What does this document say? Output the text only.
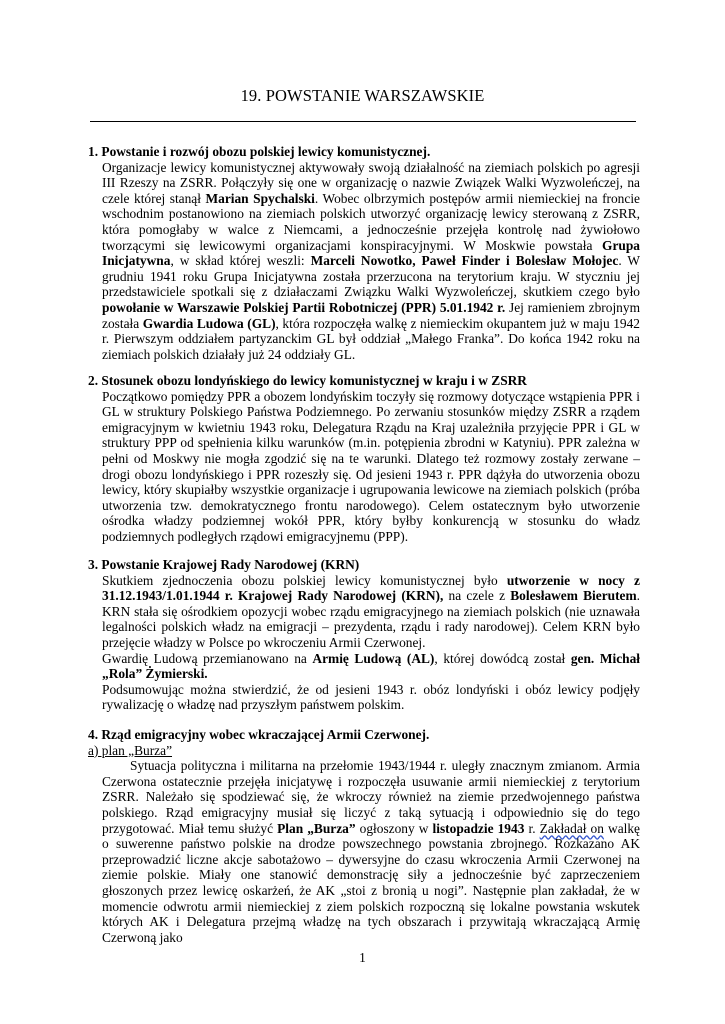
19. POWSTANIE WARSZAWSKIE
1. Powstanie i rozwój obozu polskiej lewicy komunistycznej.

Organizacje lewicy komunistycznej aktywowały swoją działalność na ziemiach polskich po agresji III Rzeszy na ZSRR. Połączyły się one w organizację o nazwie Związek Walki Wyzwoleńczej, na czele której stanął Marian Spychalski. Wobec olbrzymich postępów armii niemieckiej na froncie wschodnim postanowiono na ziemiach polskich utworzyć organizację lewicy sterowaną z ZSRR, która pomogłaby w walce z Niemcami, a jednocześnie przejęła kontrolę nad żywiołowo tworzącymi się lewicowymi organizacjami konspiracyjnymi. W Moskwie powstała Grupa Inicjatywna, w skład której weszli: Marceli Nowotko, Paweł Finder i Bolesław Mołojec. W grudniu 1941 roku Grupa Inicjatywna została przerzucona na terytorium kraju. W styczniu jej przedstawiciele spotkali się z działaczami Związku Walki Wyzwoleńczej, skutkiem czego było powołanie w Warszawie Polskiej Partii Robotniczej (PPR) 5.01.1942 r. Jej ramieniem zbrojnym została Gwardia Ludowa (GL), która rozpoczęła walkę z niemieckim okupantem już w maju 1942 r. Pierwszym oddziałem partyzanckim GL był oddział „Małego Franka”. Do końca 1942 roku na ziemiach polskich działały już 24 oddziały GL.

2. Stosunek obozu londyńskiego do lewicy komunistycznej w kraju i w ZSRR

Początkowo pomiędzy PPR a obozem londyńskim toczyły się rozmowy dotyczące wstąpienia PPR i GL w struktury Polskiego Państwa Podziemnego. Po zerwaniu stosunków między ZSRR a rządem emigracyjnym w kwietniu 1943 roku, Delegatura Rządu na Kraj uzależniła przyjęcie PPR i GL w struktury PPP od spełnienia kilku warunków (m.in. potępienia zbrodni w Katyniu). PPR zależna w pełni od Moskwy nie mogła zgodzić się na te warunki. Dlatego też rozmowy zostały zerwane – drogi obozu londyńskiego i PPR rozeszły się. Od jesieni 1943 r. PPR dążyła do utworzenia obozu lewicy, który skupiałby wszystkie organizacje i ugrupowania lewicowe na ziemiach polskich (próba utworzenia tzw. demokratycznego frontu narodowego). Celem ostatecznym było utworzenie ośrodka władzy podziemnej wokół PPR, który byłby konkurencją w stosunku do władz podziemnych podległych rządowi emigracyjnemu (PPP).

3. Powstanie Krajowej Rady Narodowej (KRN)

Skutkiem zjednoczenia obozu polskiej lewicy komunistycznej było utworzenie w nocy z 31.12.1943/1.01.1944 r. Krajowej Rady Narodowej (KRN), na czele z Bolesławem Bierutem. KRN stała się ośrodkiem opozycji wobec rządu emigracyjnego na ziemiach polskich (nie uznawała legalności polskich władz na emigracji – prezydenta, rządu i rady narodowej). Celem KRN było przejęcie władzy w Polsce po wkroczeniu Armii Czerwonej.

Gwardię Ludową przemianowano na Armię Ludową (AL), której dowódcą został gen. Michał „Rola” Żymierski.

Podsumowując można stwierdzić, że od jesieni 1943 r. obóz londyński i obóz lewicy podjęły rywalizację o władzę nad przyszłym państwem polskim.

4. Rząd emigracyjny wobec wkraczającej Armii Czerwonej.

a) plan „Burza”

Sytuacja polityczna i militarna na przełomie 1943/1944 r. uległy znacznym zmianom. Armia Czerwona ostatecznie przejęła inicjatywę i rozpoczęła usuwanie armii niemieckiej z terytorium ZSRR. Należało się spodziewać się, że wkroczy również na ziemie przedwojennego państwa polskiego. Rząd emigracyjny musiał się liczyć z taką sytuacją i odpowiednio się do tego przygotować. Miał temu służyć Plan „Burza” ogłoszony w listopadzie 1943 r. Zakładał on walkę o suwerenne państwo polskie na drodze powszechnego powstania zbrojnego. Rozkazano AK przeprowadzić liczne akcje sabotażowo – dywersyjne do czasu wkroczenia Armii Czerwonej na ziemie polskie. Miały one stanowić demonstrację siły a jednocześnie być zaprzeczeniem głoszonych przez lewicę oskarżeń, że AK „stoi z bronią u nogi”. Następnie plan zakładał, że w momencie odwrotu armii niemieckiej z ziem polskich rozpoczną się lokalne powstania wskutek których AK i Delegatura przejmą władzę na tych obszarach i przywitają wkraczającą Armię Czerwoną jako

1
